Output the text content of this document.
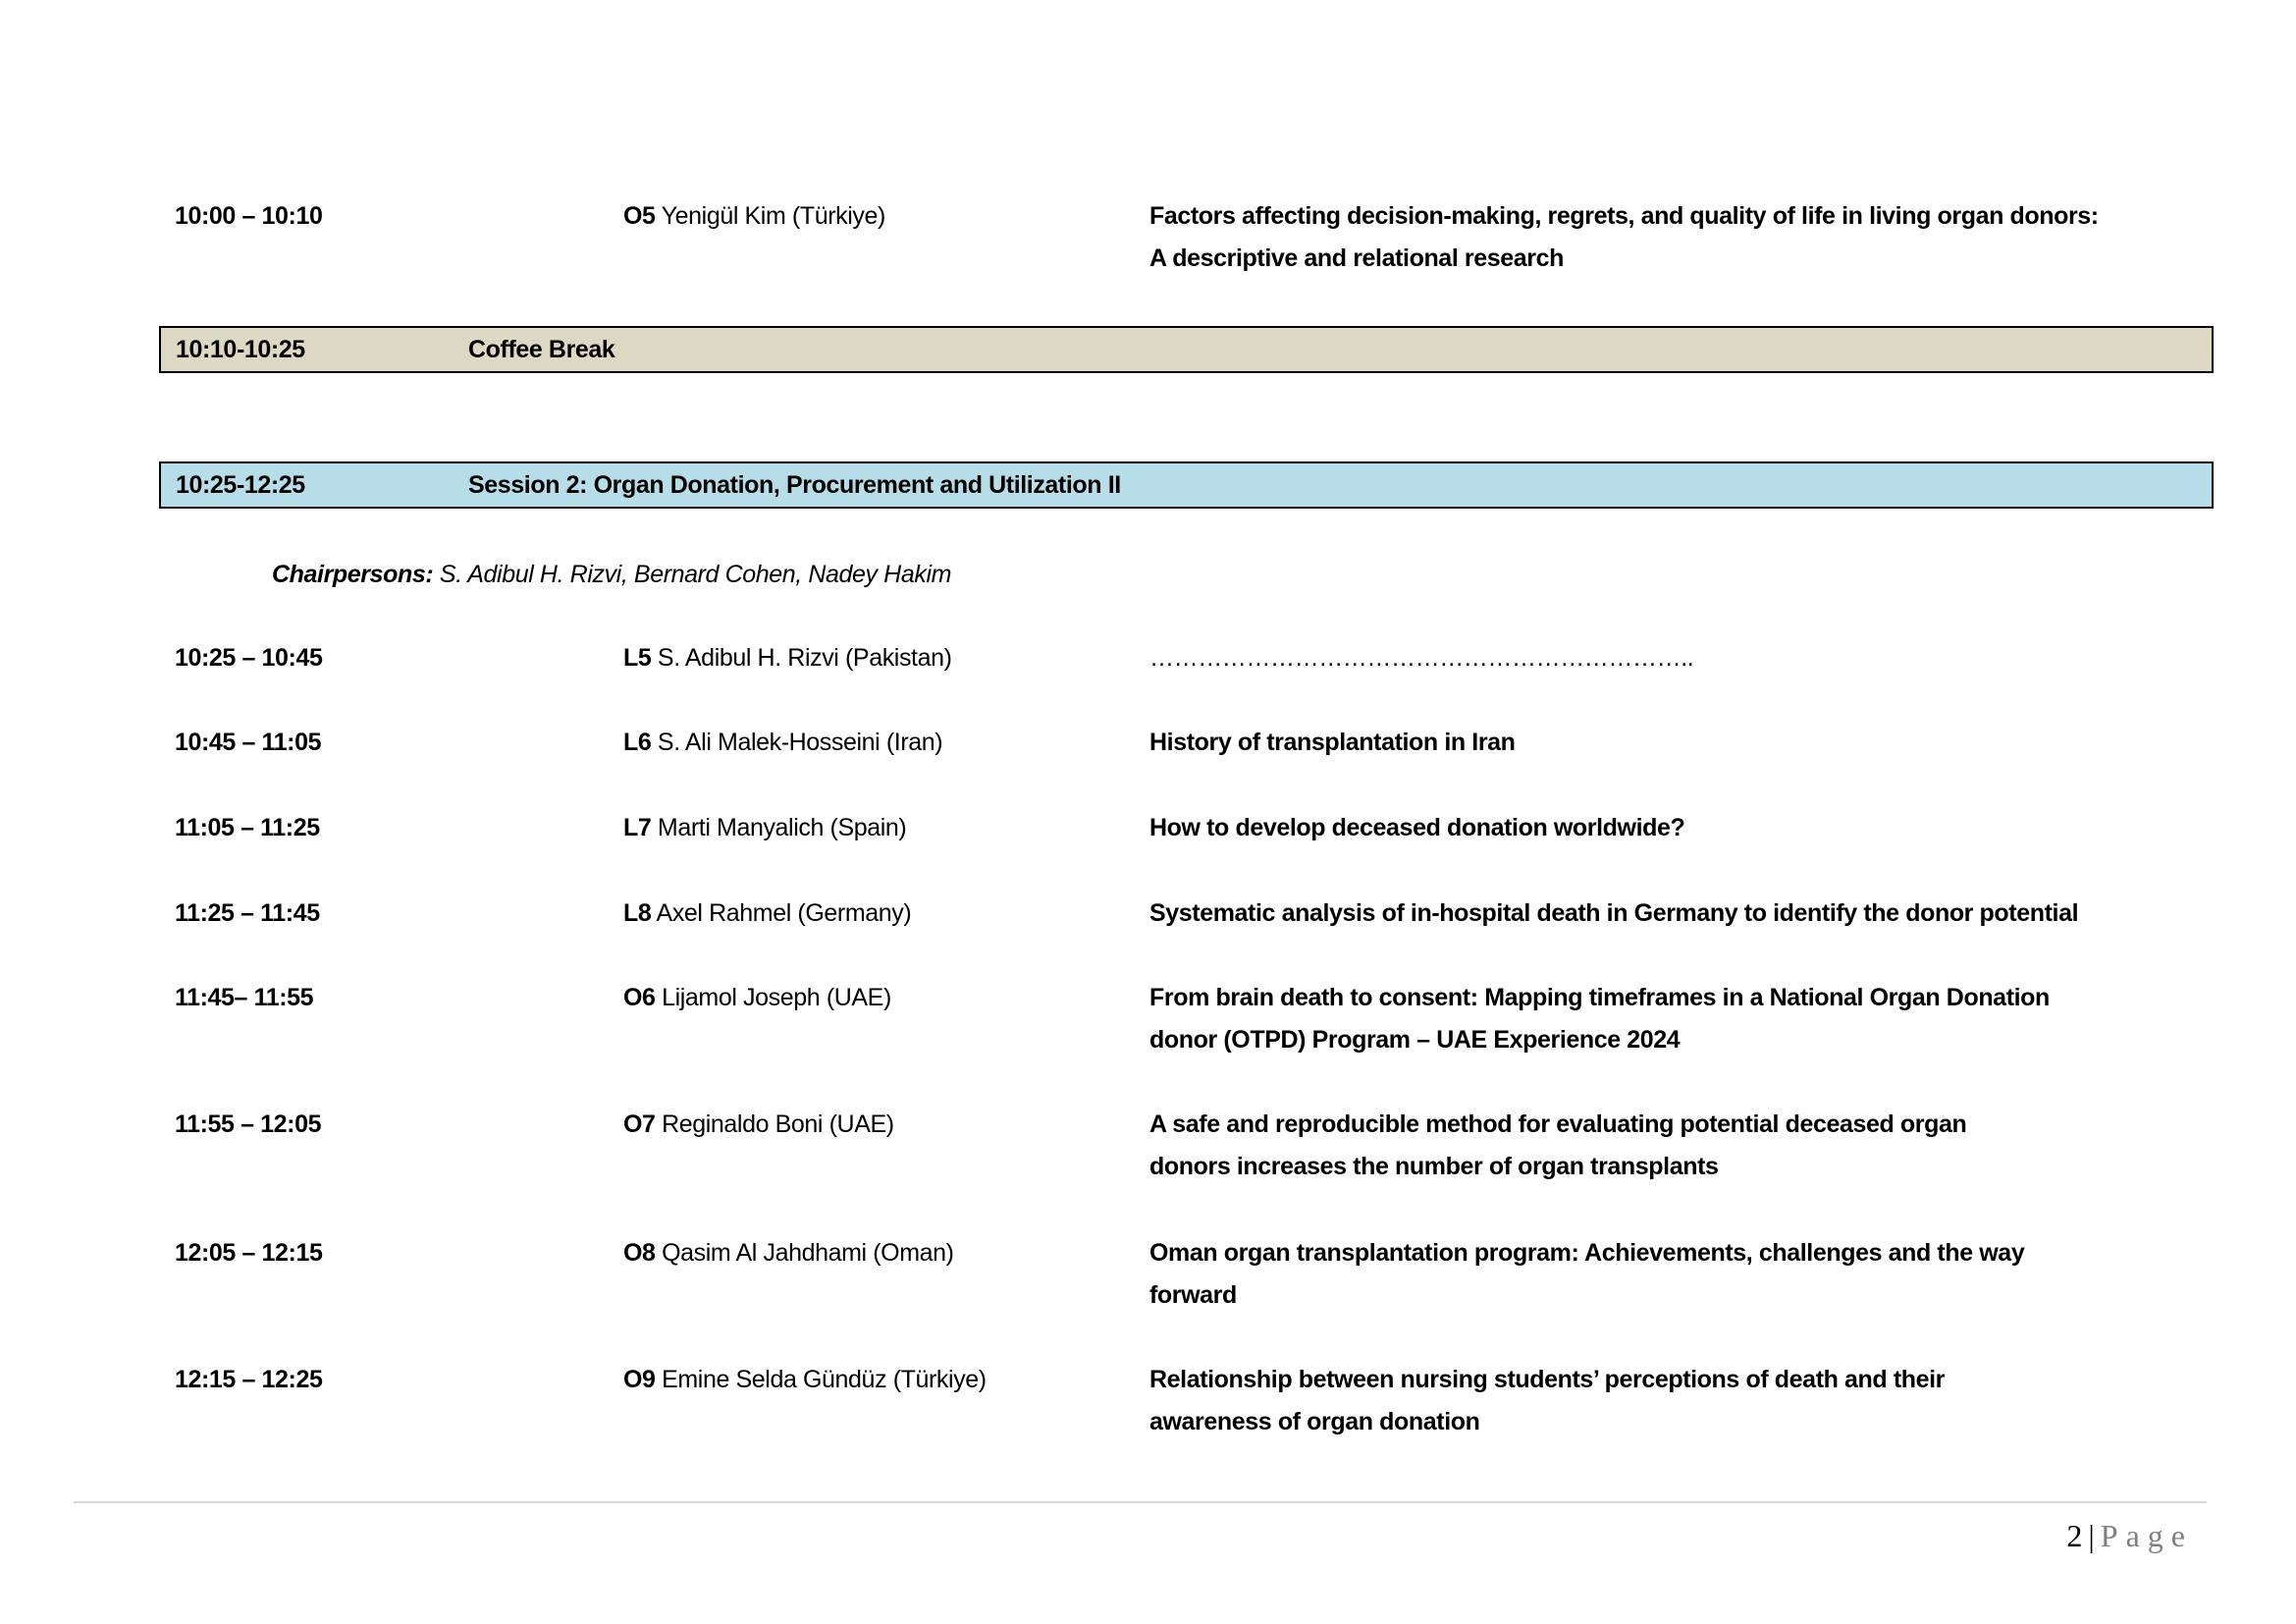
10:00 – 10:10	O5 Yenigül Kim (Türkiye)	Factors affecting decision-making, regrets, and quality of life in living organ donors:
A descriptive and relational research
10:10-10:25	Coffee Break
10:25-12:25	Session 2: Organ Donation, Procurement and Utilization II
Chairpersons: S. Adibul H. Rizvi, Bernard Cohen, Nadey Hakim
10:25 – 10:45	L5 S. Adibul H. Rizvi (Pakistan)	…………………………………………………………..
10:45 – 11:05	L6 S. Ali Malek-Hosseini (Iran)	History of transplantation in Iran
11:05 – 11:25	L7 Marti Manyalich (Spain)	How to develop deceased donation worldwide?
11:25 – 11:45	L8 Axel Rahmel (Germany)	Systematic analysis of in-hospital death in Germany to identify the donor potential
11:45– 11:55	O6 Lijamol Joseph (UAE)	From brain death to consent: Mapping timeframes in a National Organ Donation
donor (OTPD) Program – UAE Experience 2024
11:55 – 12:05	O7 Reginaldo Boni (UAE)	A safe and reproducible method for evaluating potential deceased organ
donors increases the number of organ transplants
12:05 – 12:15	O8 Qasim Al Jahdhami (Oman)	Oman organ transplantation program: Achievements, challenges and the way
forward
12:15 – 12:25	O9 Emine Selda Gündüz (Türkiye)	Relationship between nursing students’ perceptions of death and their
awareness of organ donation
2 | Page
